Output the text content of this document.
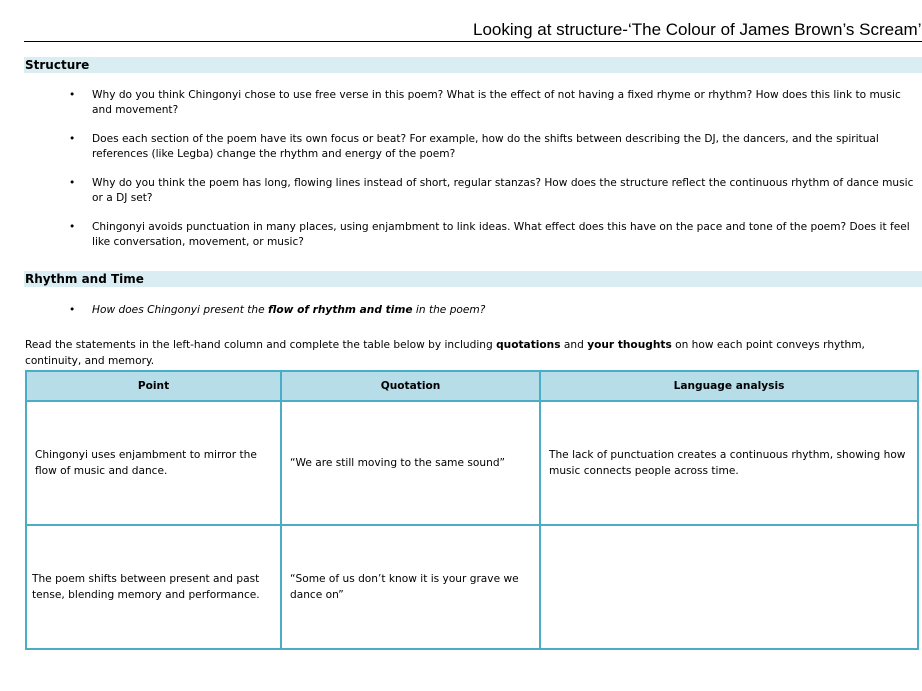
Looking at structure-‘The Colour of James Brown’s Scream’
Structure
• Why do you think Chingonyi chose to use free verse in this poem? What is the effect of not having a fixed rhyme or rhythm? How does this link to music and movement?
• Does each section of the poem have its own focus or beat? For example, how do the shifts between describing the DJ, the dancers, and the spiritual references (like Legba) change the rhythm and energy of the poem?
• Why do you think the poem has long, flowing lines instead of short, regular stanzas? How does the structure reflect the continuous rhythm of dance music or a DJ set?
• Chingonyi avoids punctuation in many places, using enjambment to link ideas. What effect does this have on the pace and tone of the poem? Does it feel like conversation, movement, or music?
Rhythm and Time
• How does Chingonyi present the flow of rhythm and time in the poem?
Read the statements in the left-hand column and complete the table below by including quotations and your thoughts on how each point conveys rhythm, continuity, and memory.
Point	Quotation	Language analysis
Chingonyi uses enjambment to mirror the flow of music and dance.	“We are still moving to the same sound”	The lack of punctuation creates a continuous rhythm, showing how music connects people across time.
The poem shifts between present and past tense, blending memory and performance.	“Some of us don’t know it is your grave we dance on”	
